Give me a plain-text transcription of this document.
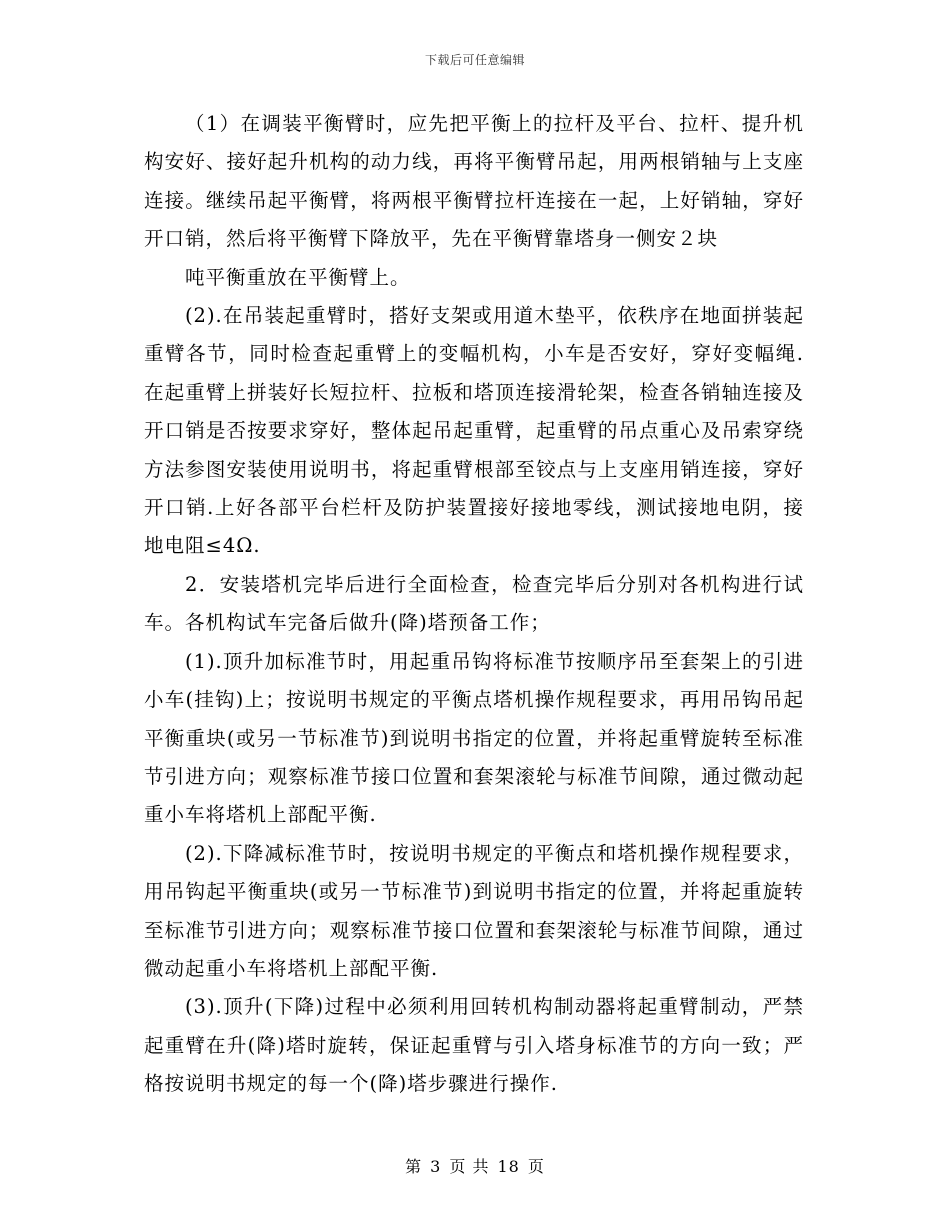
下载后可任意编辑

（1）在调装平衡臂时，应先把平衡上的拉杆及平台、拉杆、提升机构安好、接好起升机构的动力线，再将平衡臂吊起，用两根销轴与上支座连接。继续吊起平衡臂，将两根平衡臂拉杆连接在一起，上好销轴，穿好开口销，然后将平衡臂下降放平，先在平衡臂靠塔身一侧安２块

吨平衡重放在平衡臂上。

(2).在吊装起重臂时，搭好支架或用道木垫平，依秩序在地面拼装起重臂各节，同时检查起重臂上的变幅机构，小车是否安好，穿好变幅绳.在起重臂上拼装好长短拉杆、拉板和塔顶连接滑轮架，检查各销轴连接及开口销是否按要求穿好，整体起吊起重臂，起重臂的吊点重心及吊索穿绕方法参图安装使用说明书，将起重臂根部至铰点与上支座用销连接，穿好开口销.上好各部平台栏杆及防护装置接好接地零线，测试接地电阴，接地电阻≤4Ω.

2．安装塔机完毕后进行全面检查，检查完毕后分别对各机构进行试车。各机构试车完备后做升(降)塔预备工作；

(1).顶升加标准节时，用起重吊钩将标准节按顺序吊至套架上的引进小车(挂钩)上；按说明书规定的平衡点塔机操作规程要求，再用吊钩吊起平衡重块(或另一节标准节)到说明书指定的位置，并将起重臂旋转至标准节引进方向；观察标准节接口位置和套架滚轮与标准节间隙，通过微动起重小车将塔机上部配平衡.

(2).下降减标准节时，按说明书规定的平衡点和塔机操作规程要求，用吊钩起平衡重块(或另一节标准节)到说明书指定的位置，并将起重旋转至标准节引进方向；观察标准节接口位置和套架滚轮与标准节间隙，通过微动起重小车将塔机上部配平衡.

(3).顶升(下降)过程中必须利用回转机构制动器将起重臂制动，严禁起重臂在升(降)塔时旋转，保证起重臂与引入塔身标准节的方向一致；严格按说明书规定的每一个(降)塔步骤进行操作.

第 3 页 共 18 页
